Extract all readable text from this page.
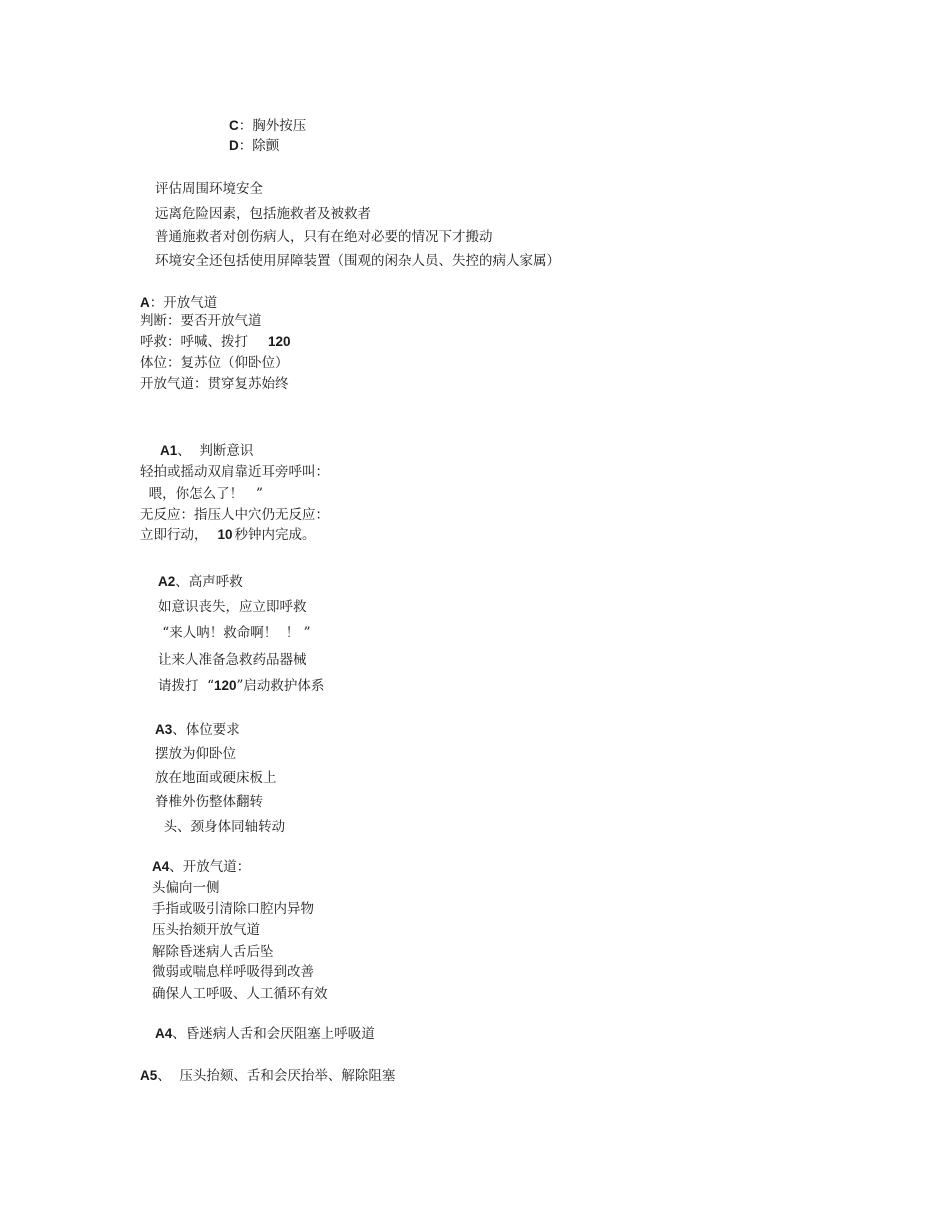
C：胸外按压
D：除颤
评估周围环境安全
远离危险因素，包括施救者及被救者
普通施救者对创伤病人，只有在绝对必要的情况下才搬动
环境安全还包括使用屏障装置（围观的闲杂人员、失控的病人家属）
A：开放气道
判断：要否开放气道
呼救：呼喊、拨打 120
体位：复苏位（仰卧位）
开放气道：贯穿复苏始终
A1、  判断意识
轻拍或摇动双肩靠近耳旁呼叫：
喂，你怎么了！   ”
无反应：指压人中穴仍无反应：
立即行动， 10 秒钟内完成。
A2、高声呼救
如意识丧失，应立即呼救
“来人呐！救命啊！  ！ ”
让来人准备急救药品器械
请拨打  “120”启动救护体系
A3、体位要求
摆放为仰卧位
放在地面或硬床板上
脊椎外伤整体翻转
头、颈身体同轴转动
A4、开放气道：
头偏向一侧
手指或吸引清除口腔内异物
压头抬颏开放气道
解除昏迷病人舌后坠
微弱或喘息样呼吸得到改善
确保人工呼吸、人工循环有效
A4、昏迷病人舌和会厌阻塞上呼吸道
A5、  压头抬颏、舌和会厌抬举、解除阻塞
